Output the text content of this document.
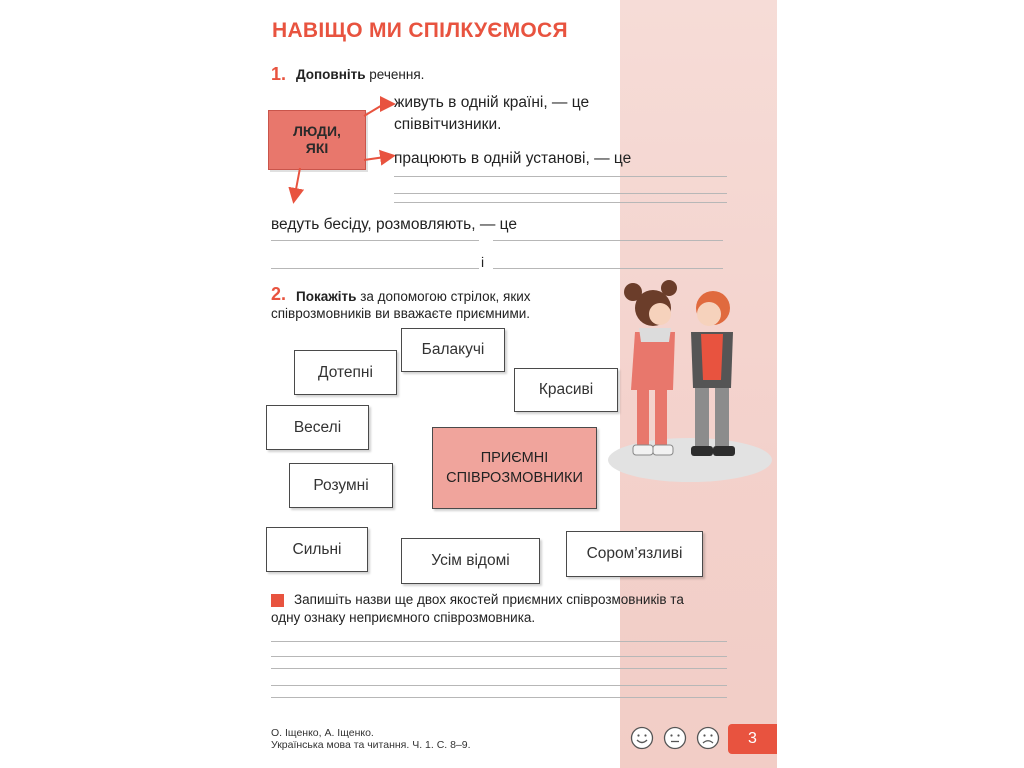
НАВІЩО МИ СПІЛКУЄМОСЯ
1. Доповніть речення.
ЛЮДИ,
ЯКІ
живуть в одній країні, — це
співвітчизники.
працюють в одній установі, — це
ведуть бесіду, розмовляють, — це
і
2. Покажіть за допомогою стрілок, яких
співрозмовників ви вважаєте приємними.
Балакучі
Дотепні
Красиві
Веселі
Розумні
Сильні
Усім відомі	Сором’язливі
ПРИЄМНІ
СПІВРОЗМОВНИКИ
Запишіть назви ще двох якостей приємних співрозмовників та
одну ознаку неприємного співрозмовника.
О. Іщенко, А. Іщенко.
Українська мова та читання. Ч. 1. С. 8–9.	3
